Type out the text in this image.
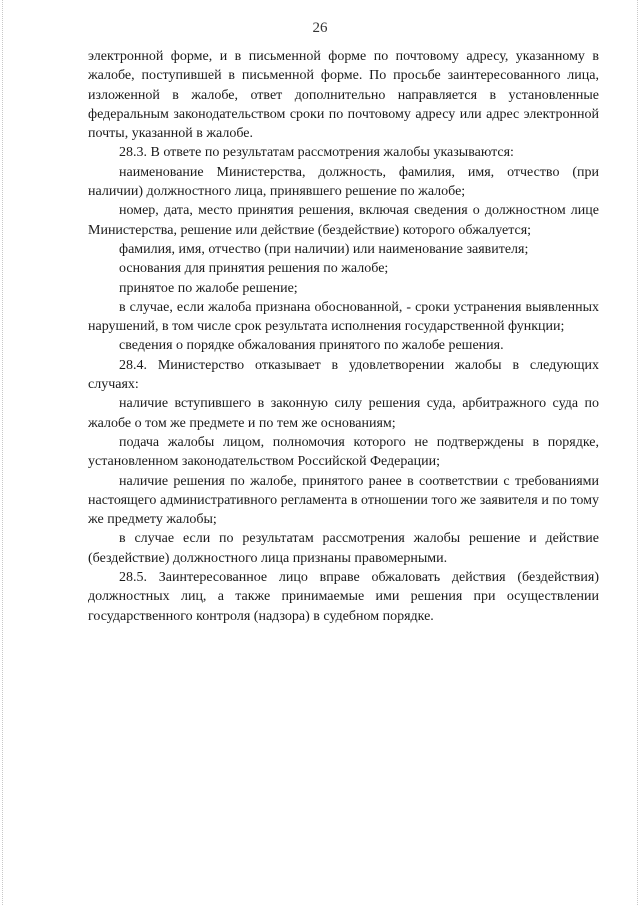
26

электронной форме, и в письменной форме по почтовому адресу, указанному в жалобе, поступившей в письменной форме. По просьбе заинтересованного лица, изложенной в жалобе, ответ дополнительно направляется в установленные федеральным законодательством сроки по почтовому адресу или адрес электронной почты, указанной в жалобе.

28.3. В ответе по результатам рассмотрения жалобы указываются:

наименование Министерства, должность, фамилия, имя, отчество (при наличии) должностного лица, принявшего решение по жалобе;

номер, дата, место принятия решения, включая сведения о должностном лице Министерства, решение или действие (бездействие) которого обжалуется;

фамилия, имя, отчество (при наличии) или наименование заявителя;

основания для принятия решения по жалобе;

принятое по жалобе решение;

в случае, если жалоба признана обоснованной, - сроки устранения выявленных нарушений, в том числе срок результата исполнения государственной функции;

сведения о порядке обжалования принятого по жалобе решения.

28.4. Министерство отказывает в удовлетворении жалобы в следующих случаях:

наличие вступившего в законную силу решения суда, арбитражного суда по жалобе о том же предмете и по тем же основаниям;

подача жалобы лицом, полномочия которого не подтверждены в порядке, установленном законодательством Российской Федерации;

наличие решения по жалобе, принятого ранее в соответствии с требованиями настоящего административного регламента в отношении того же заявителя и по тому же предмету жалобы;

в случае если по результатам рассмотрения жалобы решение и действие (бездействие) должностного лица признаны правомерными.

28.5. Заинтересованное лицо вправе обжаловать действия (бездействия) должностных лиц, а также принимаемые ими решения при осуществлении государственного контроля (надзора) в судебном порядке.
